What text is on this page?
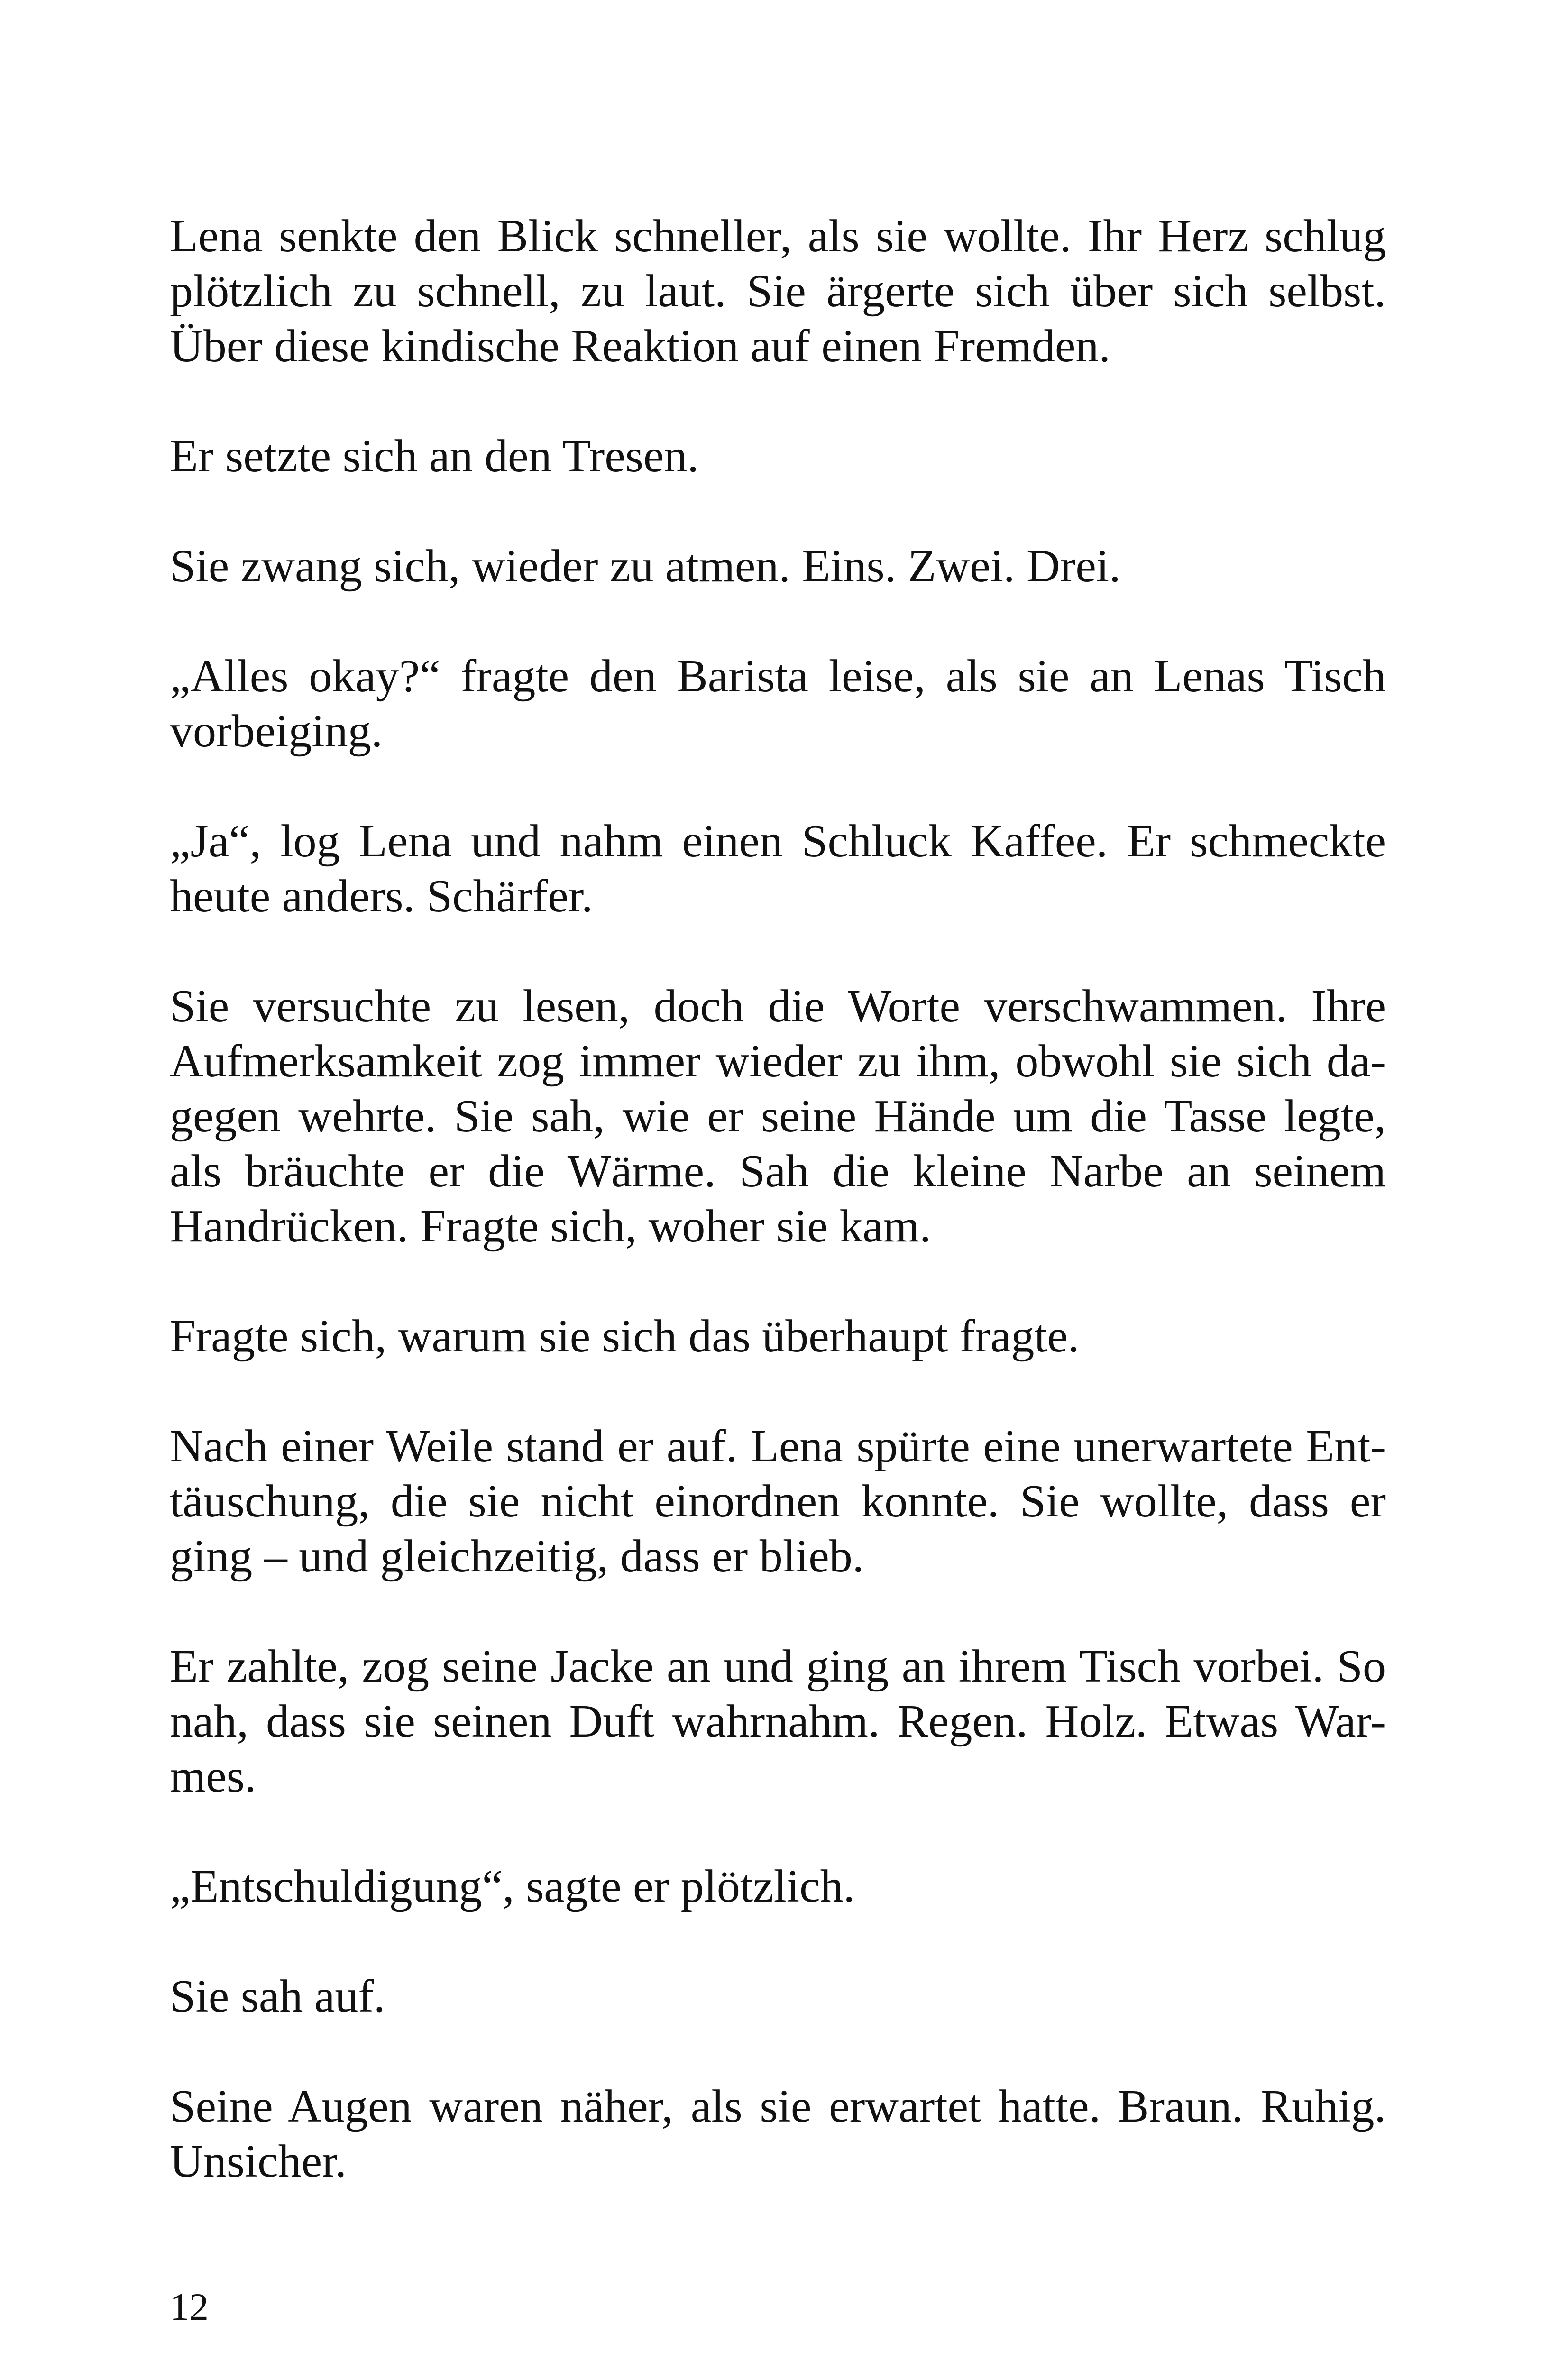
Lena senkte den Blick schneller, als sie wollte. Ihr Herz schlug
plötzlich zu schnell, zu laut. Sie ärgerte sich über sich selbst.
Über diese kindische Reaktion auf einen Fremden.

Er setzte sich an den Tresen.

Sie zwang sich, wieder zu atmen. Eins. Zwei. Drei.

„Alles okay?“ fragte den Barista leise, als sie an Lenas Tisch
vorbeiging.

„Ja“, log Lena und nahm einen Schluck Kaffee. Er schmeckte
heute anders. Schärfer.

Sie versuchte zu lesen, doch die Worte verschwammen. Ihre
Aufmerksamkeit zog immer wieder zu ihm, obwohl sie sich da-
gegen wehrte. Sie sah, wie er seine Hände um die Tasse legte,
als bräuchte er die Wärme. Sah die kleine Narbe an seinem
Handrücken. Fragte sich, woher sie kam.

Fragte sich, warum sie sich das überhaupt fragte.

Nach einer Weile stand er auf. Lena spürte eine unerwartete Ent-
täuschung, die sie nicht einordnen konnte. Sie wollte, dass er
ging – und gleichzeitig, dass er blieb.

Er zahlte, zog seine Jacke an und ging an ihrem Tisch vorbei. So
nah, dass sie seinen Duft wahrnahm. Regen. Holz. Etwas War-
mes.

„Entschuldigung“, sagte er plötzlich.

Sie sah auf.

Seine Augen waren näher, als sie erwartet hatte. Braun. Ruhig.
Unsicher.

12
